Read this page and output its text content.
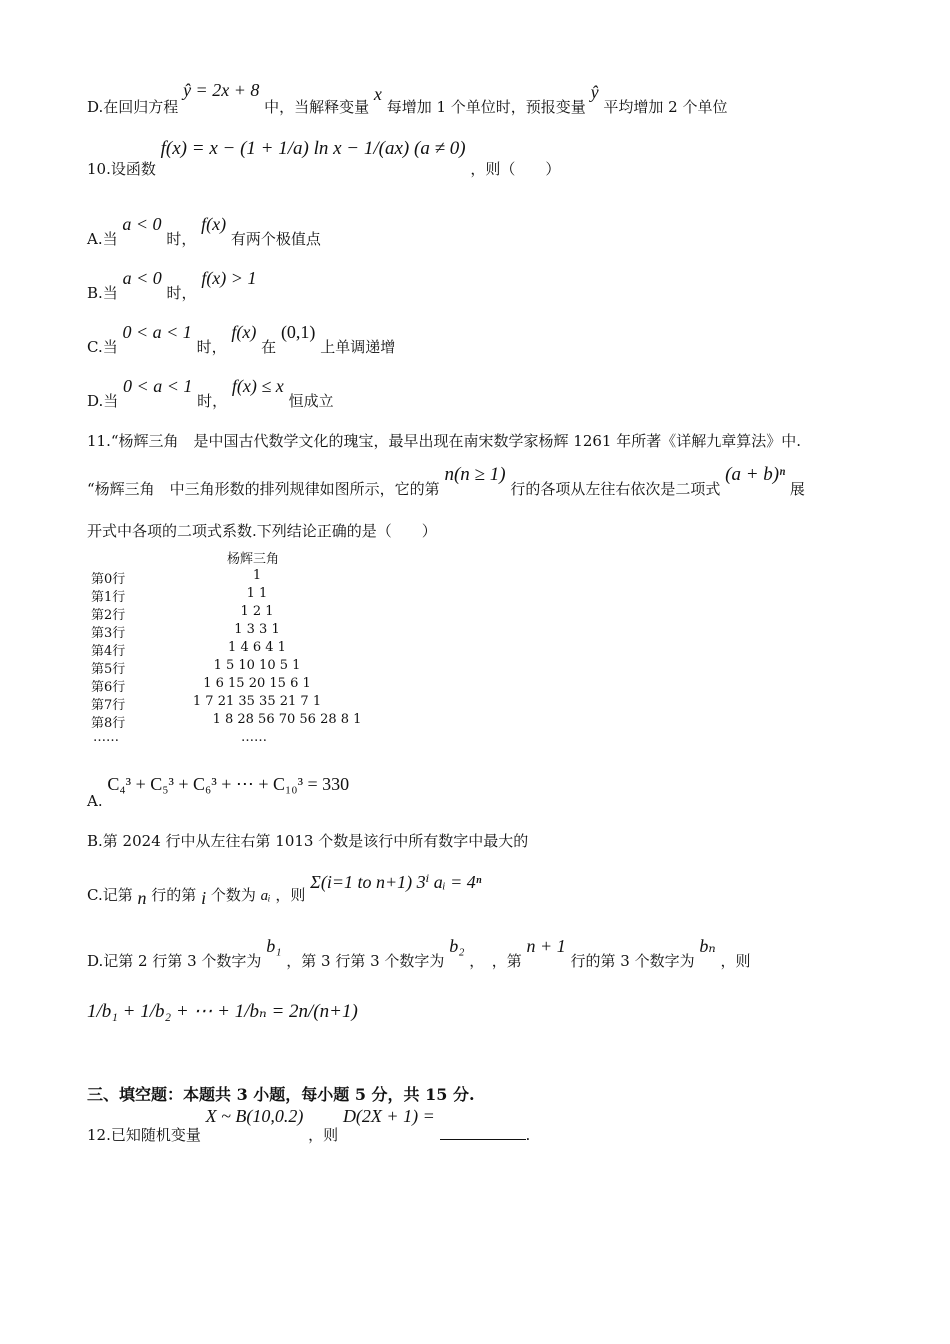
D.在回归方程 ŷ = 2x + 8 中，当解释变量 x 每增加 1 个单位时，预报变量 ŷ 平均增加 2 个单位
10.设函数 f(x) = x − (1 + 1/a) ln x − 1/(ax) (a ≠ 0) ，则（　　）
A.当 a < 0 时， f(x) 有两个极值点
B.当 a < 0 时， f(x) > 1
C.当 0 < a < 1 时， f(x) 在 (0,1) 上单调递增
D.当 0 < a < 1 时， f(x) ≤ x 恒成立
11.“杨辉三角　是中国古代数学文化的瑰宝，最早出现在南宋数学家杨辉 1261 年所著《详解九章算法》中.
“杨辉三角　中三角形数的排列规律如图所示，它的第 n(n ≥ 1) 行的各项从左往右依次是二项式 (a + b)ⁿ 展
开式中各项的二项式系数.下列结论正确的是（　　）
杨辉三角
第0行	1
第1行	1 1
第2行	1 2 1
第3行	1 3 3 1
第4行	1 4 6 4 1
第5行	1 5 10 10 5 1
第6行	1 6 15 20 15 6 1
第7行	1 7 21 35 35 21 7 1
第8行	1 8 28 56 70 56 28 8 1
……	……
A. C₄³ + C₅³ + C₆³ + ⋯ + C₁₀³ = 330
B.第 2024 行中从左往右第 1013 个数是该行中所有数字中最大的
C.记第 n 行的第 i 个数为 aᵢ ，则 Σ(i=1 to n+1) 3ⁱ aᵢ = 4ⁿ
D.记第 2 行第 3 个数字为 b₁ ，第 3 行第 3 个数字为 b₂ ，　，第 n + 1 行的第 3 个数字为 bₙ ，则
1/b₁ + 1/b₂ + ⋯ + 1/bₙ = 2n/(n+1)
三、填空题：本题共 3 小题，每小题 5 分，共 15 分.
12.已知随机变量 X ~ B(10,0.2) ，则 D(2X + 1) = .
